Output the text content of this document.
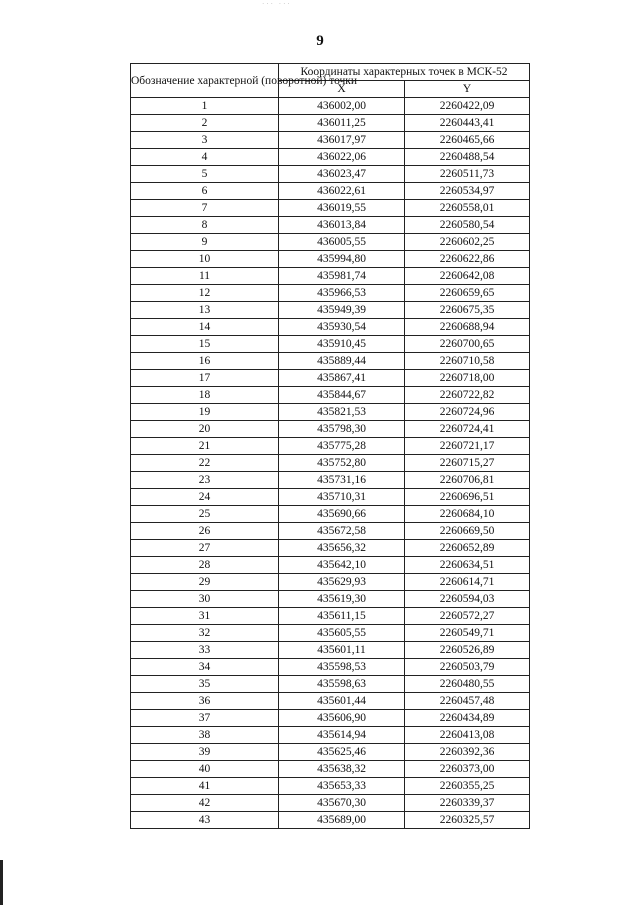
··· ···
9
Обозначение характерной (поворотной) точки	Координаты характерных точек в МСК-52	
	X	Y
1	436002,00	2260422,09
2	436011,25	2260443,41
3	436017,97	2260465,66
4	436022,06	2260488,54
5	436023,47	2260511,73
6	436022,61	2260534,97
7	436019,55	2260558,01
8	436013,84	2260580,54
9	436005,55	2260602,25
10	435994,80	2260622,86
11	435981,74	2260642,08
12	435966,53	2260659,65
13	435949,39	2260675,35
14	435930,54	2260688,94
15	435910,45	2260700,65
16	435889,44	2260710,58
17	435867,41	2260718,00
18	435844,67	2260722,82
19	435821,53	2260724,96
20	435798,30	2260724,41
21	435775,28	2260721,17
22	435752,80	2260715,27
23	435731,16	2260706,81
24	435710,31	2260696,51
25	435690,66	2260684,10
26	435672,58	2260669,50
27	435656,32	2260652,89
28	435642,10	2260634,51
29	435629,93	2260614,71
30	435619,30	2260594,03
31	435611,15	2260572,27
32	435605,55	2260549,71
33	435601,11	2260526,89
34	435598,53	2260503,79
35	435598,63	2260480,55
36	435601,44	2260457,48
37	435606,90	2260434,89
38	435614,94	2260413,08
39	435625,46	2260392,36
40	435638,32	2260373,00
41	435653,33	2260355,25
42	435670,30	2260339,37
43	435689,00	2260325,57
